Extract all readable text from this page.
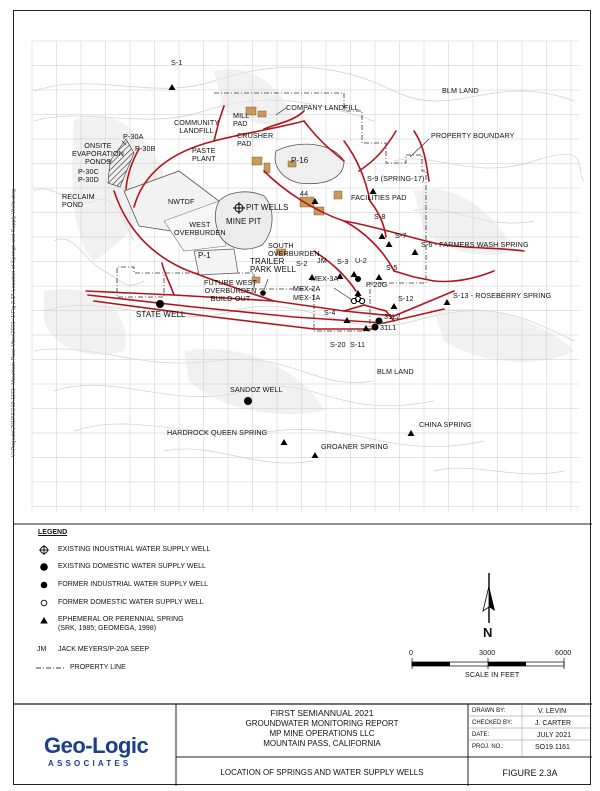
S-1
BLM LAND
COMPANY LANDFILL
PROPERTY BOUNDARY
MILL
PAD
COMMUNITY
LANDFILL
CRUSHER
PAD
PASTE
PLANT	P-16
P-30A
P-30B
ONSITE
EVAPORATION
PONDS
P-30C
P-30D
RECLAIM
POND	NWTDF
S-9 (SPRING-17)
44	FACILITIES PAD
PIT WELLS
MINE PIT
WEST
OVERBURDEN
S-8
S-7
S-6 - FARMERS WASH SPRING
SOUTH
OVERBURDEN
P-1
TRAILER
PARK WELL
S-2 JM S-3 U-2
S-5
MEX-3A
MEX-2A
MEX-1A
P-20G
FUTURE WEST
OVERBURDEN
BUILD-OUT	S-12	S-13 - ROSEBERRY SPRING
STATE WELL	S-4	31L2
31L1
S-20 S-11
BLM LAND
SANDOZ WELL
HARDROCK QUEEN SPRING
CHINA SPRING
GROANER SPRING
LEGEND
EXISTING INDUSTRIAL WATER SUPPLY WELL
EXISTING DOMESTIC WATER SUPPLY WELL
FORMER INDUSTRIAL WATER SUPPLY WELL
FORMER DOMESTIC WATER SUPPLY WELL
EPHEMERAL OR PERENNIAL SPRING
(SRK, 1985; GEOMEGA, 1998)
JM JACK MEYERS/P-20A SEEP
PROPERTY LINE
N
0	3000	6000
SCALE IN FEET
Geo-Logic
ASSOCIATES
FIRST SEMIANNUAL 2021
GROUNDWATER MONITORING REPORT
MP MINE OPERATIONS LLC
MOUNTAIN PASS, CALIFORNIA
LOCATION OF SPRINGS AND WATER SUPPLY WELLS
DRAWN BY:	V. LEVIN
CHECKED BY:	J. CARTER
DATE:	JULY 2021
PROJ. NO.:	SO19.1161
FIGURE 2.3A
V:\Projects\2019\SO19.1161~Mountain Pass Mine\2021~1\Fig 2.3A Location of Springs and Supply Wells.dwg
